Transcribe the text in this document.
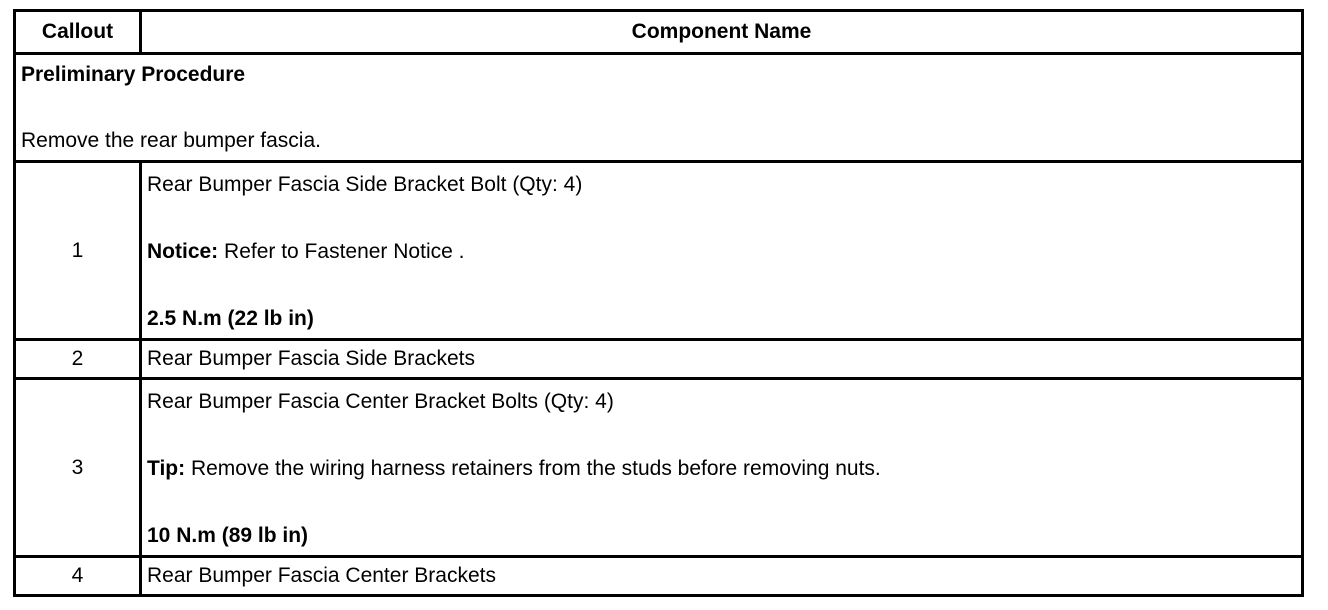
Callout	Component Name

Preliminary Procedure
Remove the rear bumper fascia.	

1	Rear Bumper Fascia Side Bracket Bolt (Qty: 4)
Notice: Refer to Fastener Notice .
2.5 N.m (22 lb in)

2	Rear Bumper Fascia Side Brackets
3	Rear Bumper Fascia Center Bracket Bolts (Qty: 4)
Tip: Remove the wiring harness retainers from the studs before removing nuts.
10 N.m (89 lb in)

4	Rear Bumper Fascia Center Brackets
